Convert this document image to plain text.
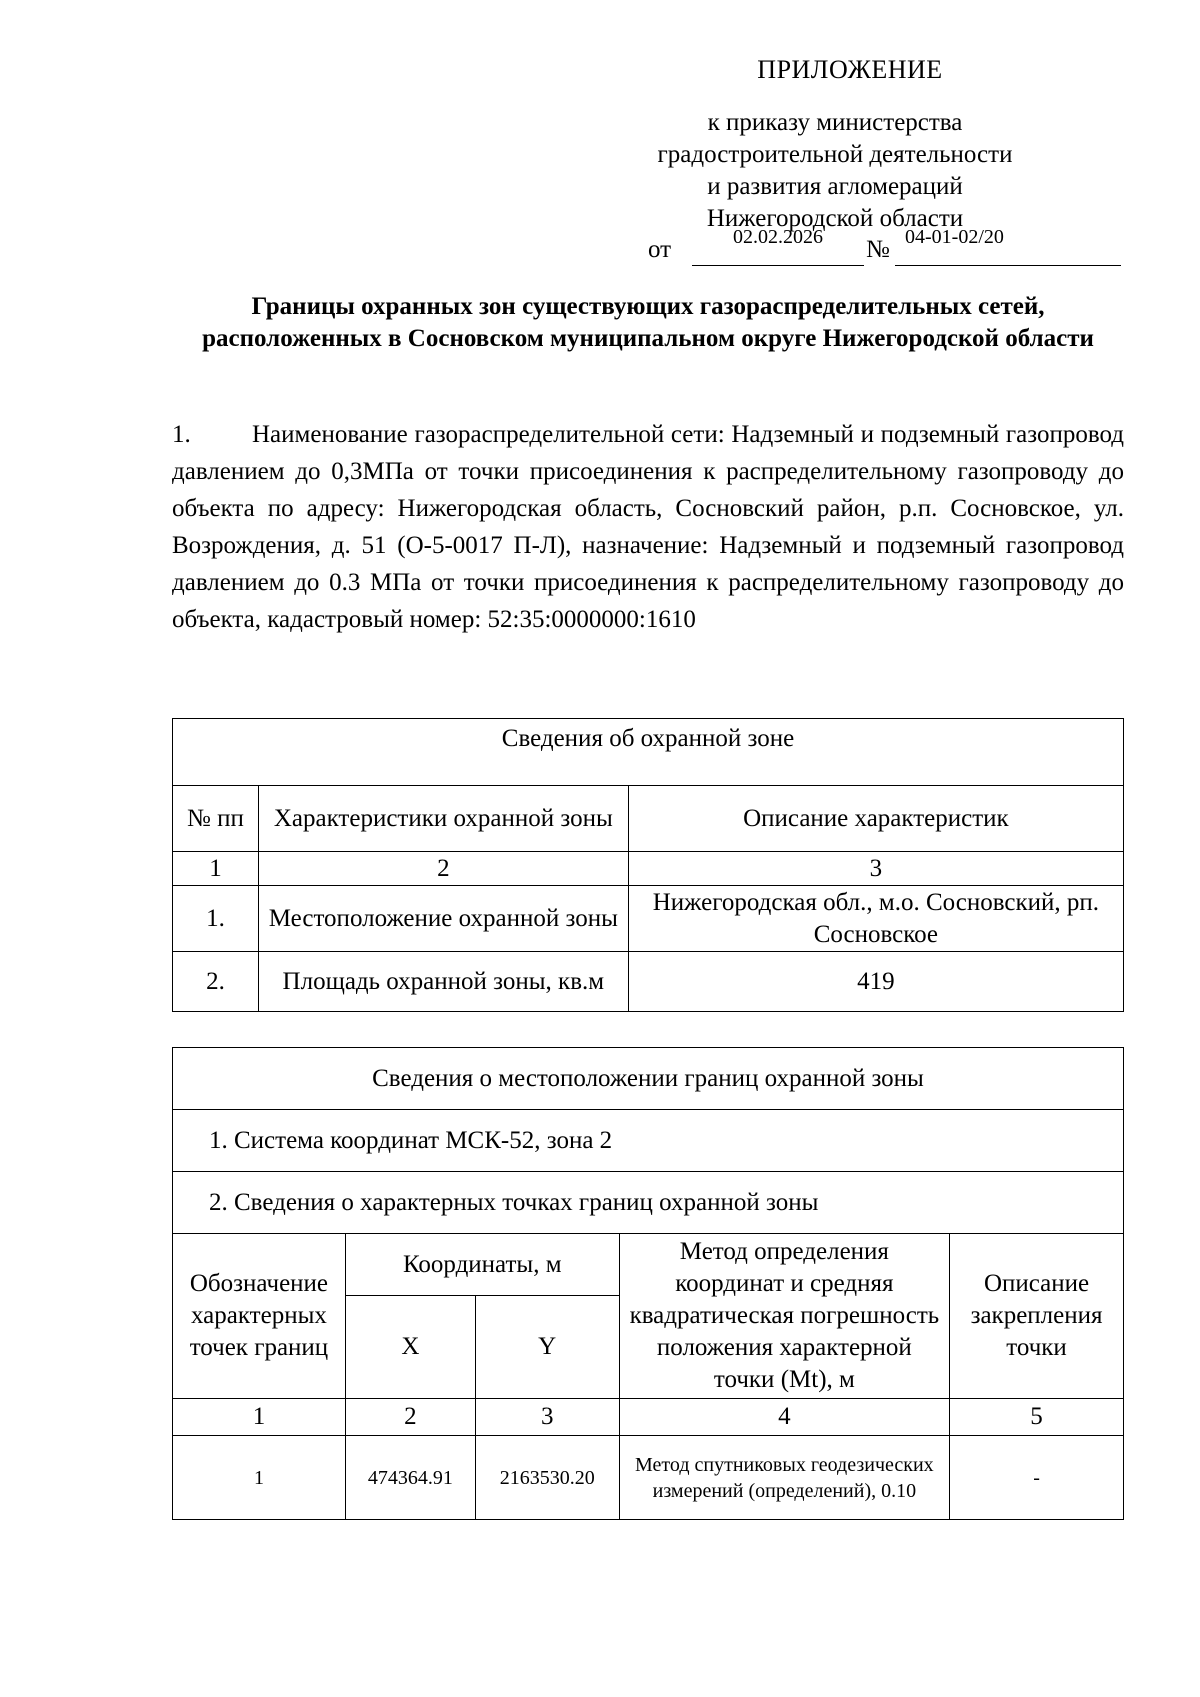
ПРИЛОЖЕНИЕ
к приказу министерства
градостроительной деятельности
и развития агломераций
Нижегородской области
от	02.02.2026	№ 04-01-02/20
Границы охранных зон существующих газораспределительных сетей, расположенных в Сосновском муниципальном округе Нижегородской области
1. Наименование газораспределительной сети: Надземный и подземный газопровод давлением до 0,3МПа от точки присоединения к распределительному газопроводу до объекта по адресу: Нижегородская область, Сосновский район, р.п. Сосновское, ул. Возрождения, д. 51 (О-5-0017 П-Л), назначение: Надземный и подземный газопровод давлением до 0.3 МПа от точки присоединения к распределительному газопроводу до объекта, кадастровый номер: 52:35:0000000:1610
Сведения об охранной зоне		
№ пп	Характеристики охранной зоны	Описание характеристик
1	2	3
1.	Местоположение охранной зоны	Нижегородская обл., м.о. Сосновский, рп. Сосновское
2.	Площадь охранной зоны, кв.м	419
Сведения о местоположении границ охранной зоны				
1. Система координат МСК-52, зона 2				
2. Сведения о характерных точках границ охранной зоны				
Обозначение характерных точек границ	Координаты, м		Метод определения координат и средняя квадратическая погрешность положения характерной точки (Mt), м	Описание закрепления точки
	X	Y		
1	2	3	4	5
1	474364.91	2163530.20	Метод спутниковых геодезических измерений (определений), 0.10	-
